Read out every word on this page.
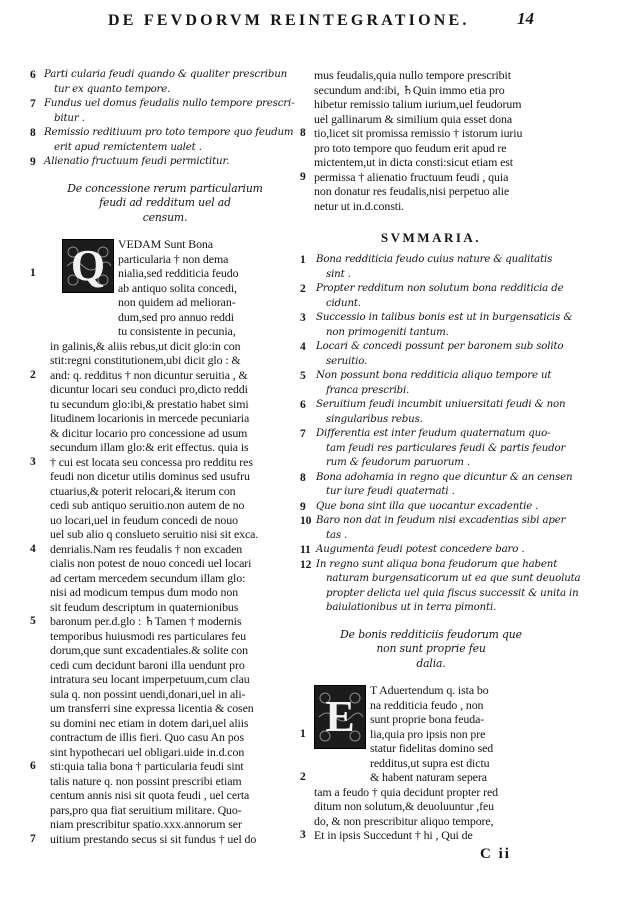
DE FEVDORVM REINTEGRATIONE.	14
6 Parti cularia feudi quando & qualiter prescribun
tur ex quanto tempore.
7 Fundus uel domus feudalis nullo tempore prescri-
bitur .
8 Remissio reditiuum pro toto tempore quo feudum
erit apud remictentem ualet .
9 Alienatio fructuum feudi permictitur.
De concessione rerum particularium
feudi ad redditum uel ad
censum.
Q	VEDAM Sunt Bona
particularia † non dema
1	nialia,sed redditicia feudo
ab antiquo solita concedi,
non quidem ad melioran-
dum,sed pro annuo reddi
tu consistente in pecunia,
in galinis,& aliis rebus,ut dicit glo:in con
stit:regni constitutionem,ubi dicit glo : &
2	and: q. redditus † non dicuntur seruitia , &
dicuntur locari seu conduci pro,dicto reddi
tu secundum glo:ibi,& prestatio habet simi
litudinem locarionis in mercede pecuniaria
& dicitur locario pro concessione ad usum
secundum illam glo:& erit effectus. quia is
3	† cui est locata seu concessa pro redditu res
feudi non dicetur utilis dominus sed usufru
ctuarius,& poterit relocari,& iterum con
cedi sub antiquo seruitio.non autem de no
uo locari,uel in feudum concedi de nouo
uel sub alio q conslueto seruitio nisi sit exca.
4	denrialis.Nam res feudalis † non excaden
cialis non potest de nouo concedi uel locari
ad certam mercedem secundum illam glo:
nisi ad modicum tempus dum modo non
sit feudum descriptum in quaternionibus
5	baronum per.d.glo : ♄Tamen † modernis
temporibus huiusmodi res particulares feu
dorum,que sunt excadentiales.& solite con
cedi cum decidunt baroni illa uendunt pro
intratura seu locant imperpetuum,cum clau
sula q. non possint uendi,donari,uel in ali-
um transferri sine expressa licentia & cosen
su domini nec etiam in dotem dari,uel aliis
contractum de illis fieri. Quo casu An pos
sint hypothecari uel obligari.uide in.d.con
6	sti:quia talia bona † particularia feudi sint
talis nature q. non possint prescribi etiam
centum annis nisi sit quota feudi , uel certa
pars,pro qua fiat seruitium militare. Quo-
niam prescribitur spatio.xxx.annorum ser
7	uitium prestando secus si sit fundus † uel do
mus feudalis,quia nullo tempore prescribit
secundum and:ibi, ♄Quin immo etia pro
hibetur remissio talium iurium,uel feudorum
uel gallinarum & similium quia esset dona
8 tio,licet sit promissa remissio † istorum iuriu
pro toto tempore quo feudum erit apud re
mictentem,ut in dicta consti:sicut etiam est
9 permissa † alienatio fructuum feudi , quia
non donatur res feudalis,nisi perpetuo alie
netur ut in.d.consti.
SVMMARIA.
1	Bona redditicia feudo cuius nature & qualitatis
sint .
2	Propter redditum non solutum bona redditicia de
cidunt.
3	Successio in talibus bonis est ut in burgensaticis &
non primogeniti tantum.
4	Locari & concedi possunt per baronem sub solito
seruitio.
5	Non possunt bona redditicia aliquo tempore ut
franca prescribi.
6	Seruitium feudi incumbit uniuersitati feudi & non
singularibus rebus.
7	Differentia est inter feudum quaternatum quo-
tam feudi res particulares feudi & partis feudor
rum & feudorum paruorum .
8	Bona adohamia in regno que dicuntur & an censen
tur iure feudi quaternati .
9	Que bona sint illa que uocantur excadentie .
10 Baro non dat in feudum nisi excadentias sibi aper
tas .
11 Augumenta feudi potest concedere baro .
12 In regno sunt aliqua bona feudorum que habent
naturam burgensaticorum ut ea que sunt deuoluta
propter delicta uel quia fiscus successit & unita in
baiulationibus ut in terra pimonti.
De bonis redditiciis feudorum que
non sunt proprie feu
dalia.
E
T Aduertendum q. ista bo
na redditicia feudo , non
sunt proprie bona feuda-
1	lia,quia pro ipsis non pre
statur fidelitas domino sed
redditus,ut supra est dictu
2	& habent naturam sepera
tam a feudo † quia decidunt propter red
ditum non solutum,& deuoluuntur ,feu
do, & non prescribitur aliquo tempore,
3 Et in ipsis Succedunt † hi , Qui de
C ii
